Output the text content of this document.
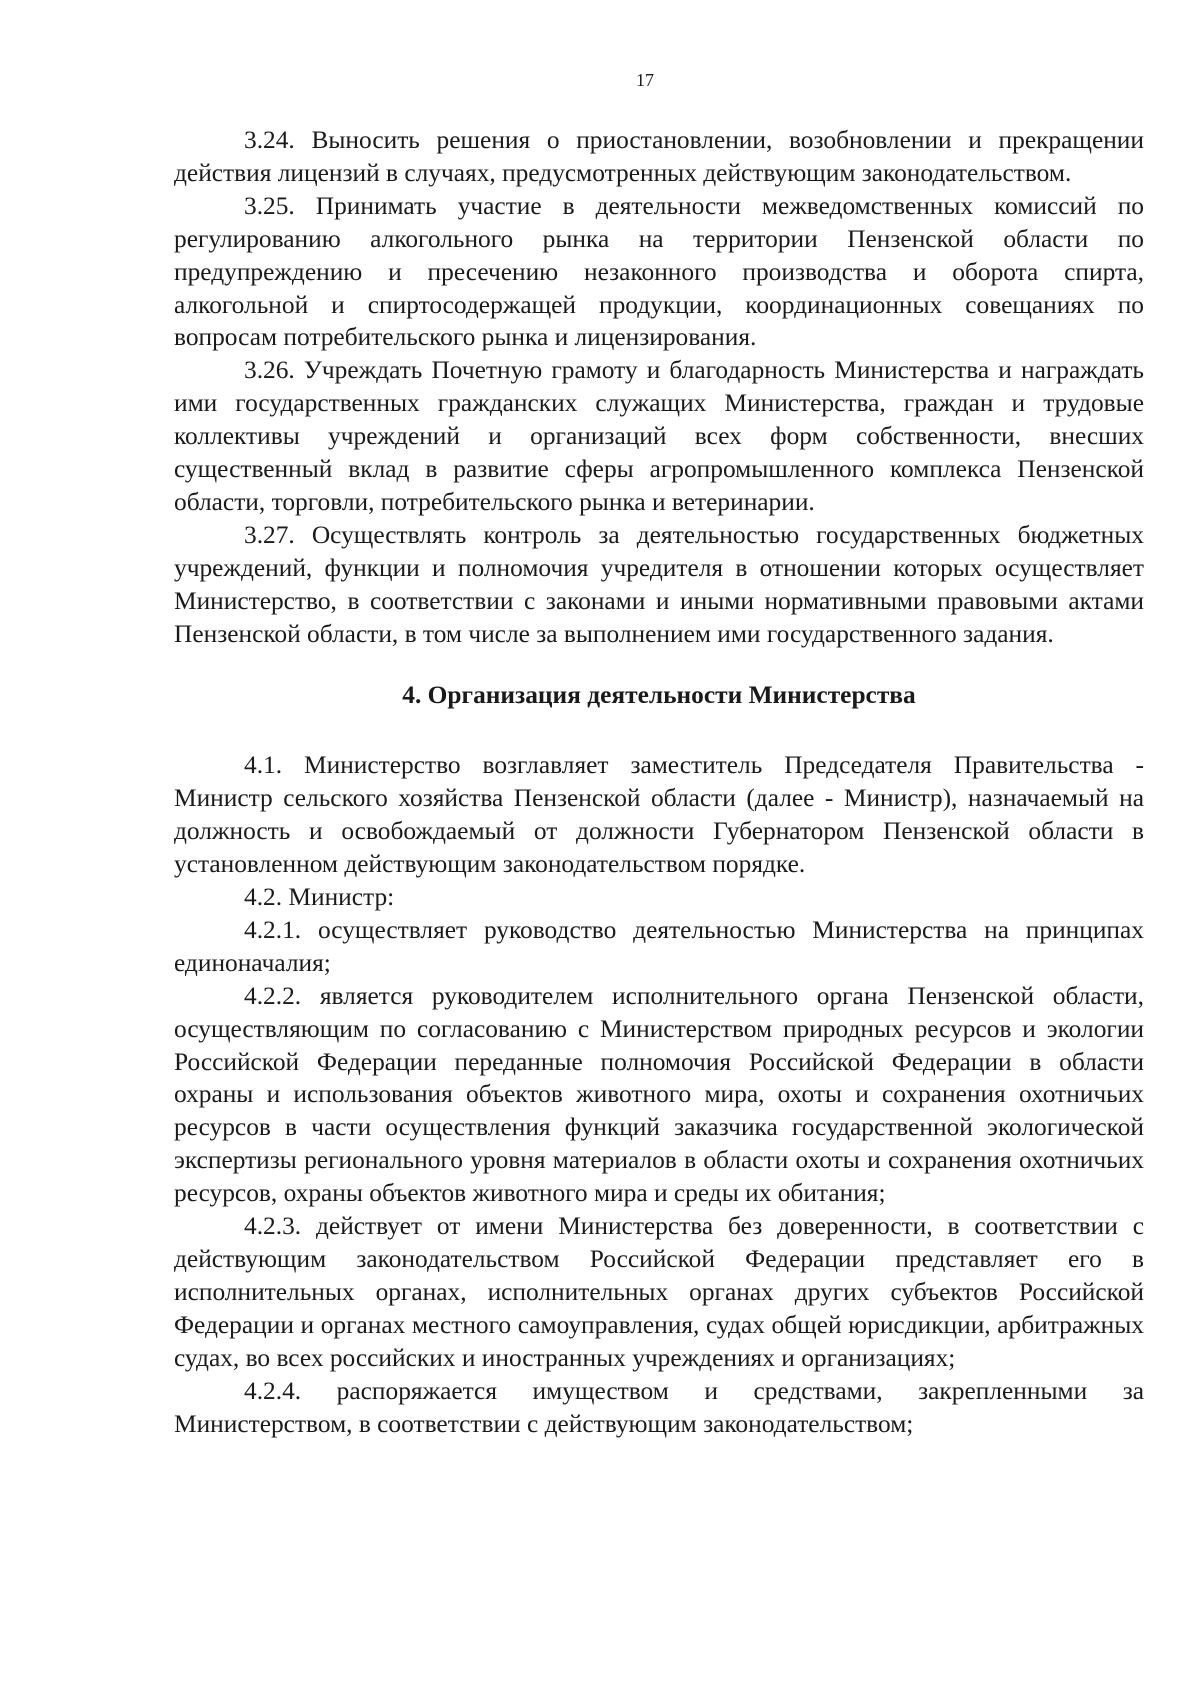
17

3.24. Выносить решения о приостановлении, возобновлении и прекращении действия лицензий в случаях, предусмотренных действующим законодательством.

3.25. Принимать участие в деятельности межведомственных комиссий по регулированию алкогольного рынка на территории Пензенской области по предупреждению и пресечению незаконного производства и оборота спирта, алкогольной и спиртосодержащей продукции, координационных совещаниях по вопросам потребительского рынка и лицензирования.

3.26. Учреждать Почетную грамоту и благодарность Министерства и награждать ими государственных гражданских служащих Министерства, граждан и трудовые коллективы учреждений и организаций всех форм собственности, внесших существенный вклад в развитие сферы агропромышленного комплекса Пензенской области, торговли, потребительского рынка и ветеринарии.

3.27. Осуществлять контроль за деятельностью государственных бюджетных учреждений, функции и полномочия учредителя в отношении которых осуществляет Министерство, в соответствии с законами и иными нормативными правовыми актами Пензенской области, в том числе за выполнением ими государственного задания.

4. Организация деятельности Министерства

4.1. Министерство возглавляет заместитель Председателя Правительства - Министр сельского хозяйства Пензенской области (далее - Министр), назначаемый на должность и освобождаемый от должности Губернатором Пензенской области в установленном действующим законодательством порядке.

4.2. Министр:

4.2.1. осуществляет руководство деятельностью Министерства на принципах единоначалия;

4.2.2. является руководителем исполнительного органа Пензенской области, осуществляющим по согласованию с Министерством природных ресурсов и экологии Российской Федерации переданные полномочия Российской Федерации в области охраны и использования объектов животного мира, охоты и сохранения охотничьих ресурсов в части осуществления функций заказчика государственной экологической экспертизы регионального уровня материалов в области охоты и сохранения охотничьих ресурсов, охраны объектов животного мира и среды их обитания;

4.2.3. действует от имени Министерства без доверенности, в соответствии с действующим законодательством Российской Федерации представляет его в исполнительных органах, исполнительных органах других субъектов Российской Федерации и органах местного самоуправления, судах общей юрисдикции, арбитражных судах, во всех российских и иностранных учреждениях и организациях;

4.2.4. распоряжается имуществом и средствами, закрепленными за Министерством, в соответствии с действующим законодательством;
